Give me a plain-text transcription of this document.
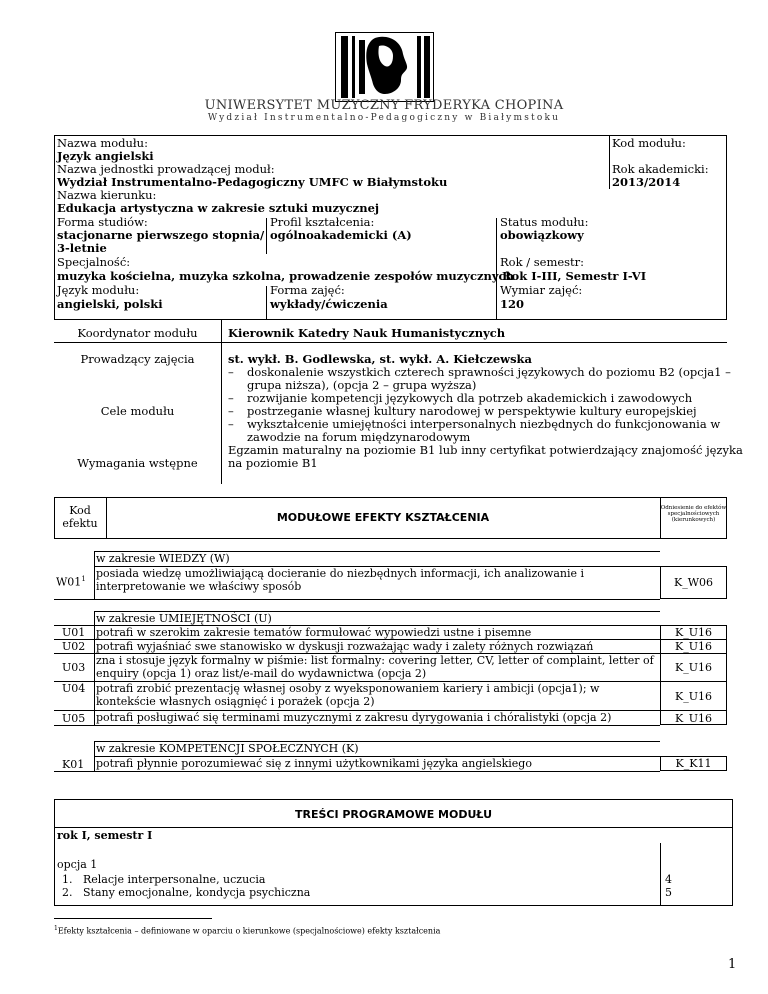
UNIWERSYTET MUZYCZNY FRYDERYKA CHOPINA
Wydział Instrumentalno-Pedagogiczny w Białymstoku
Nazwa modułu:
Język angielski
Kod modułu:
Nazwa jednostki prowadzącej moduł:
Wydział Instrumentalno-Pedagogiczny UMFC w Białymstoku
Rok akademicki:
2013/2014
Nazwa kierunku:
Edukacja artystyczna w zakresie sztuki muzycznej
Forma studiów:
stacjonarne pierwszego stopnia/
3-letnie
Profil kształcenia:
ogólnoakademicki (A)
Status modułu:
obowiązkowy
Specjalność:
muzyka kościelna, muzyka szkolna, prowadzenie zespołów muzycznych
Rok / semestr:
Rok I-III, Semestr I-VI
Język modułu:
angielski, polski
Forma zajęć:
wykłady/ćwiczenia
Wymiar zajęć:
120
Koordynator modułu	Kierownik Katedry Nauk Humanistycznych
Prowadzący zajęcia	st. wykł. B. Godlewska, st. wykł. A. Kiełczewska
Cele modułu
– doskonalenie wszystkich czterech sprawności językowych do poziomu B2 (opcja1 –
grupa niższa), (opcja 2 – grupa wyższa)
– rozwijanie kompetencji językowych dla potrzeb akademickich i zawodowych
– postrzeganie własnej kultury narodowej w perspektywie kultury europejskiej
– wykształcenie umiejętności interpersonalnych niezbędnych do funkcjonowania w
zawodzie na forum międzynarodowym
Wymagania wstępne
Egzamin maturalny na poziomie B1 lub inny certyfikat potwierdzający znajomość języka
na poziomie B1
Kod
efektu	MODUŁOWE EFEKTY KSZTAŁCENIA
Odniesienie do efektów
specjalnościowych
(kierunkowych)
w zakresie WIEDZY (W)
$W01^1$ posiada wiedzę umożliwiającą docieranie do niezbędnych informacji, ich analizowanie i
interpretowanie we właściwy sposób	K_W06
w zakresie UMIEJĘTNOŚCI (U)
U01 potrafi w szerokim zakresie tematów formułować wypowiedzi ustne i pisemne	K_U16
U02 potrafi wyjaśniać swe stanowisko w dyskusji rozważając wady i zalety różnych rozwiązań	K_U16
U03
zna i stosuje język formalny w piśmie: list formalny: covering letter, CV, letter of complaint, letter of
enquiry (opcja 1) oraz list/e-mail do wydawnictwa (opcja 2)	K_U16
U04 potrafi zrobić prezentację własnej osoby z wyeksponowaniem kariery i ambicji (opcja1); w
kontekście własnych osiągnięć i porażek (opcja 2)	K_U16
U05 potrafi posługiwać się terminami muzycznymi z zakresu dyrygowania i chóralistyki (opcja 2)	K_U16
w zakresie KOMPETENCJI SPOŁECZNYCH (K)
K01 potrafi płynnie porozumiewać się z innymi użytkownikami języka angielskiego	K_K11
TREŚCI PROGRAMOWE MODUŁU
rok I, semestr I
opcja 1
1. Relacje interpersonalne, uczucia	4
2. Stany emocjonalne, kondycja psychiczna	5
$^1$Efekty kształcenia – definiowane w oparciu o kierunkowe (specjalnościowe) efekty kształcenia
1
